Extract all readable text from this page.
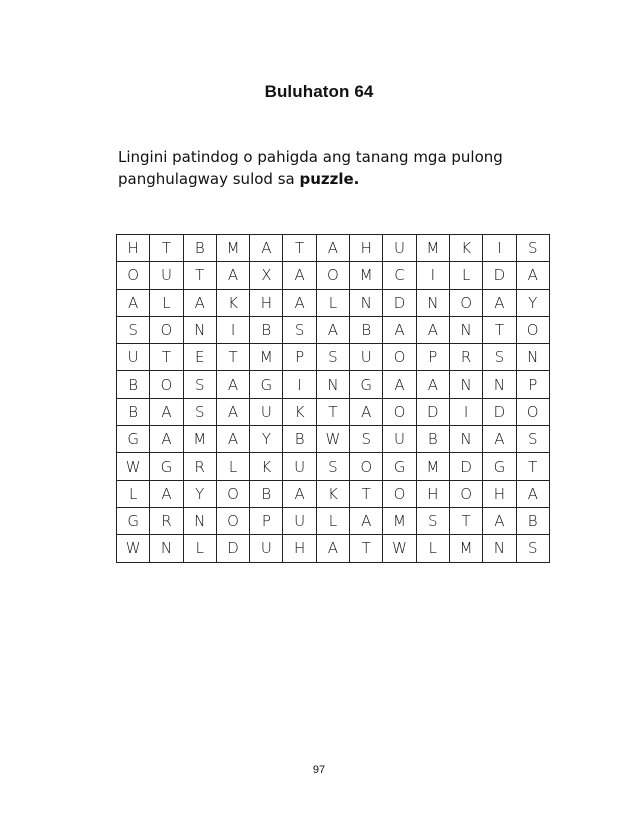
Buluhaton 64
Lingini patindog o pahigda ang tanang mga pulong panghulagway sulod sa puzzle.
H	T	B	M	A	T	A	H	U	M	K	I	S
O	U	T	A	X	A	O	M	C	I	L	D	A
A	L	A	K	H	A	L	N	D	N	O	A	Y
S	O	N	I	B	S	A	B	A	A	N	T	O
U	T	E	T	M	P	S	U	O	P	R	S	N
B	O	S	A	G	I	N	G	A	A	N	N	P
B	A	S	A	U	K	T	A	O	D	I	D	O
G	A	M	A	Y	B	W	S	U	B	N	A	S
W	G	R	L	K	U	S	O	G	M	D	G	T
L	A	Y	O	B	A	K	T	O	H	O	H	A
G	R	N	O	P	U	L	A	M	S	T	A	B
W	N	L	D	U	H	A	T	W	L	M	N	S
97
